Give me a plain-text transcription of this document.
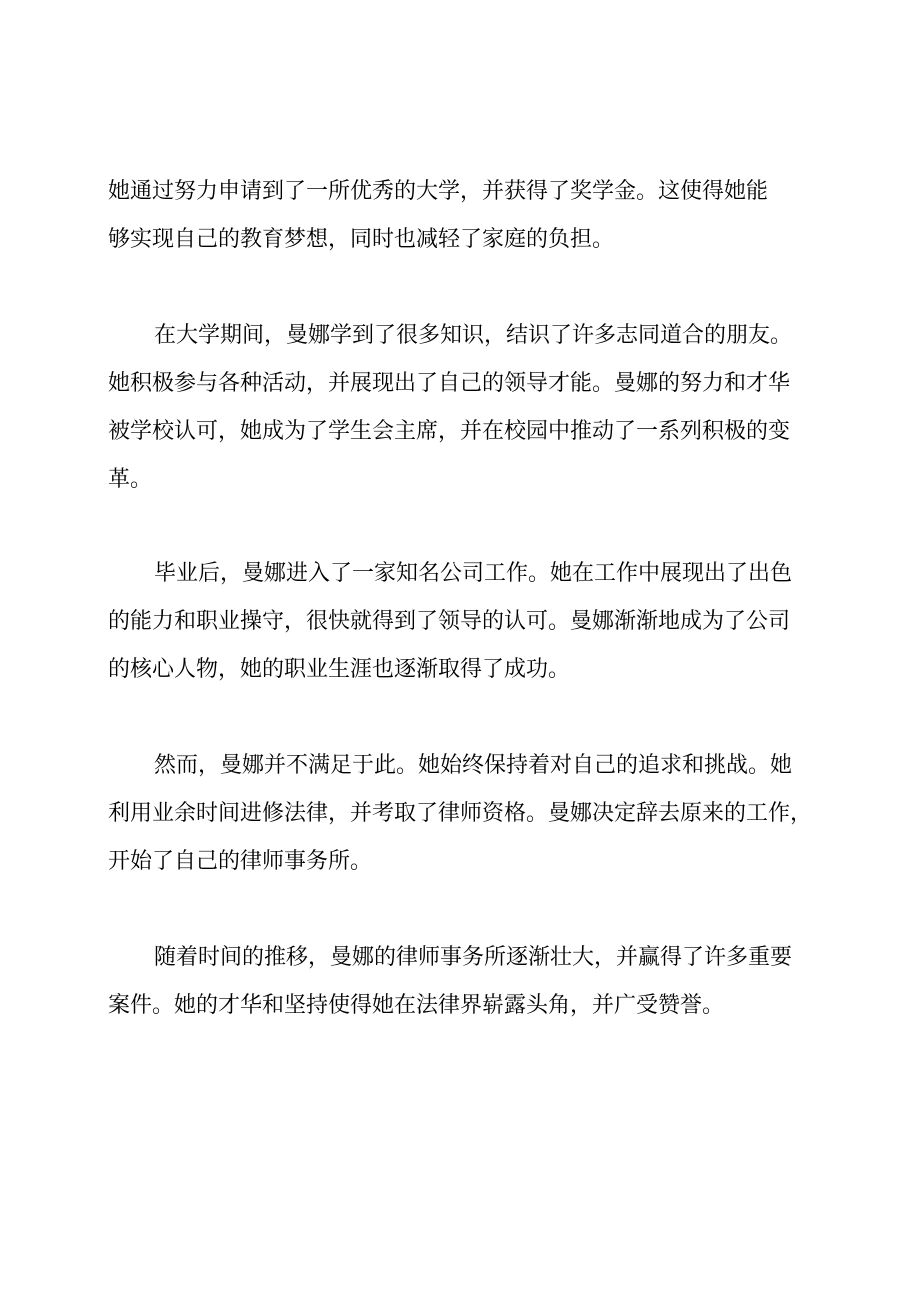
她通过努力申请到了一所优秀的大学，并获得了奖学金。这使得她能
够实现自己的教育梦想，同时也减轻了家庭的负担。
在大学期间，曼娜学到了很多知识，结识了许多志同道合的朋友。
她积极参与各种活动，并展现出了自己的领导才能。曼娜的努力和才华
被学校认可，她成为了学生会主席，并在校园中推动了一系列积极的变
革。
毕业后，曼娜进入了一家知名公司工作。她在工作中展现出了出色
的能力和职业操守，很快就得到了领导的认可。曼娜渐渐地成为了公司
的核心人物，她的职业生涯也逐渐取得了成功。
然而，曼娜并不满足于此。她始终保持着对自己的追求和挑战。她
利用业余时间进修法律，并考取了律师资格。曼娜决定辞去原来的工作，
开始了自己的律师事务所。
随着时间的推移，曼娜的律师事务所逐渐壮大，并赢得了许多重要
案件。她的才华和坚持使得她在法律界崭露头角，并广受赞誉。
